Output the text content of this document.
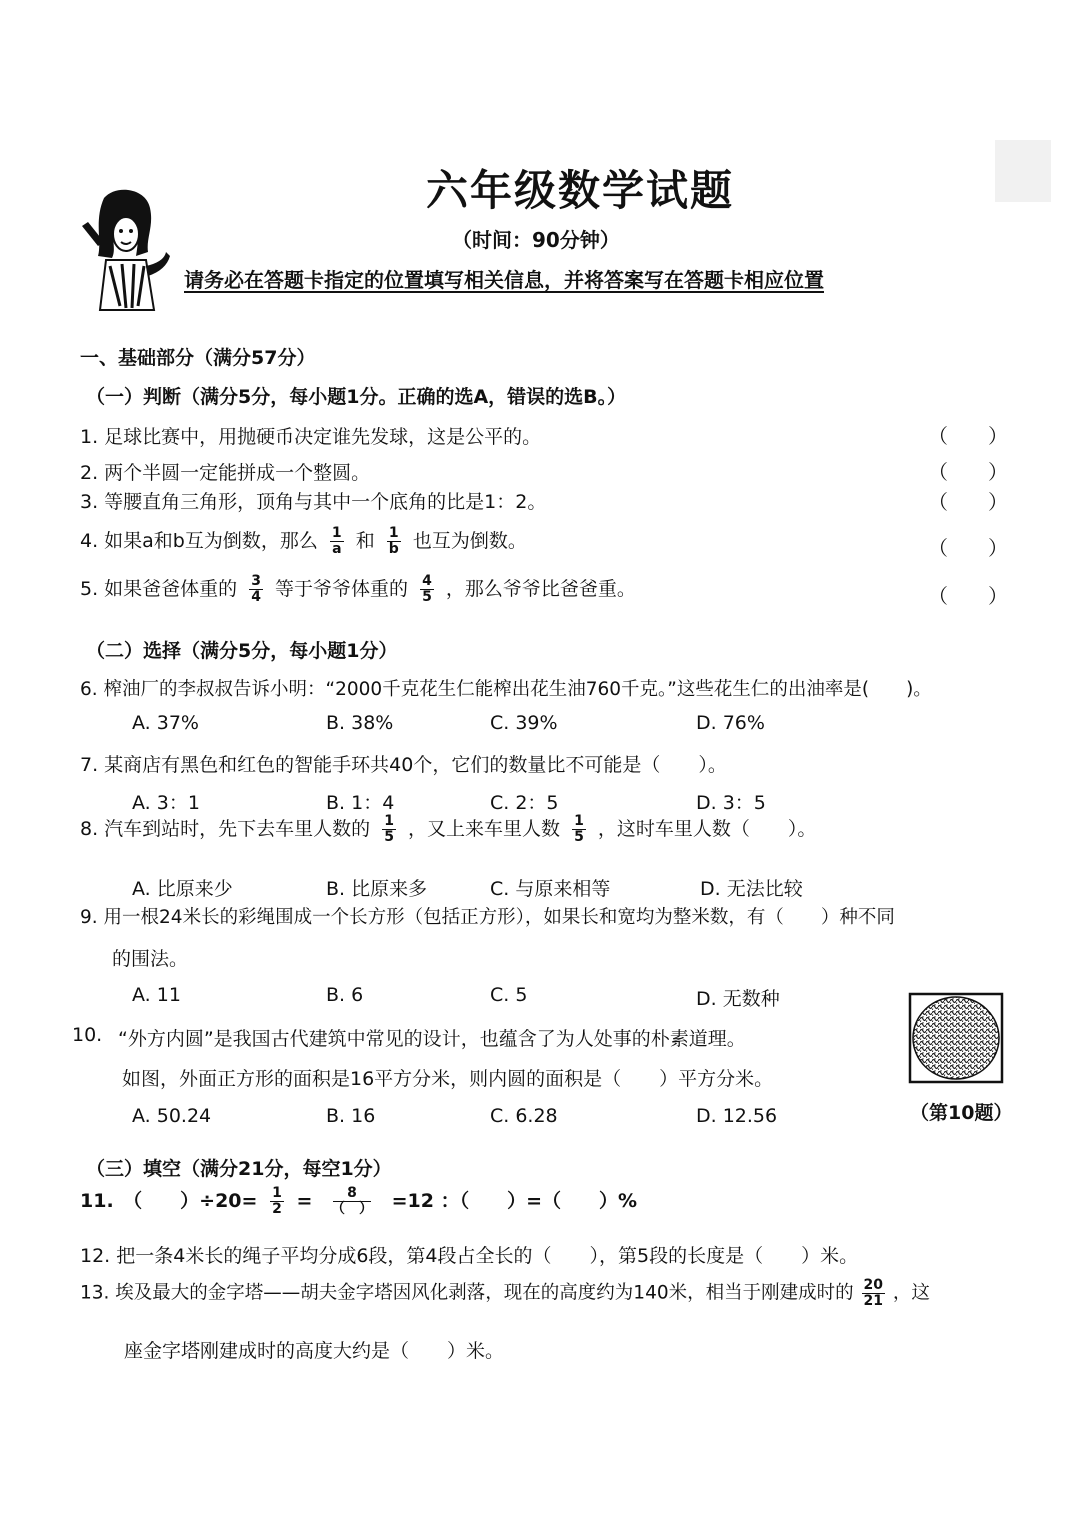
六年级数学试题
（时间：90分钟）
请务必在答题卡指定的位置填写相关信息，并将答案写在答题卡相应位置
一、基础部分（满分57分）
（一）判断（满分5分，每小题1分。正确的选A，错误的选B。）
1. 足球比赛中，用抛硬币决定谁先发球，这是公平的。	（　　）
2. 两个半圆一定能拼成一个整圆。	（　　）
3. 等腰直角三角形，顶角与其中一个底角的比是1：2。	（　　）
4. 如果a和b互为倒数，那么 $\frac{1}{a}$ 和 $\frac{1}{b}$ 也互为倒数。	（　　）
5. 如果爸爸体重的 $\frac{3}{4}$ 等于爷爷体重的 $\frac{4}{5}$ ，那么爷爷比爸爸重。	（　　）
（二）选择（满分5分，每小题1分）
6. 榨油厂的李叔叔告诉小明：“2000千克花生仁能榨出花生油760千克。”这些花生仁的出油率是(　　)。
A. 37%	B. 38%	C. 39%	D. 76%
7. 某商店有黑色和红色的智能手环共40个，它们的数量比不可能是（　　）。
A. 3：1	B. 1：4	C. 2：5	D. 3：5
8. 汽车到站时，先下去车里人数的 $\frac{1}{5}$ ，又上来车里人数 $\frac{1}{5}$ ，这时车里人数（　　）。
A. 比原来少	B. 比原来多	C. 与原来相等	D. 无法比较
9. 用一根24米长的彩绳围成一个长方形（包括正方形），如果长和宽均为整米数，有（　　）种不同
的围法。
A. 11	B. 6	C. 5	D. 无数种
10. “外方内圆”是我国古代建筑中常见的设计，也蕴含了为人处事的朴素道理。
如图，外面正方形的面积是16平方分米，则内圆的面积是（　　）平方分米。
A. 50.24	B. 16	C. 6.28	D. 12.56	（第10题）
（三）填空（满分21分，每空1分）
11.　（　　）$\div 20= \frac{1}{2} = \frac{8}{( )} =12$ ：（　　）=（　　）%
12. 把一条4米长的绳子平均分成6段，第4段占全长的（　　），第5段的长度是（　　）米。
13. 埃及最大的金字塔——胡夫金字塔因风化剥落，现在的高度约为140米，相当于刚建成时的 $\frac{20}{21}$ ，这
座金字塔刚建成时的高度大约是（　　）米。
